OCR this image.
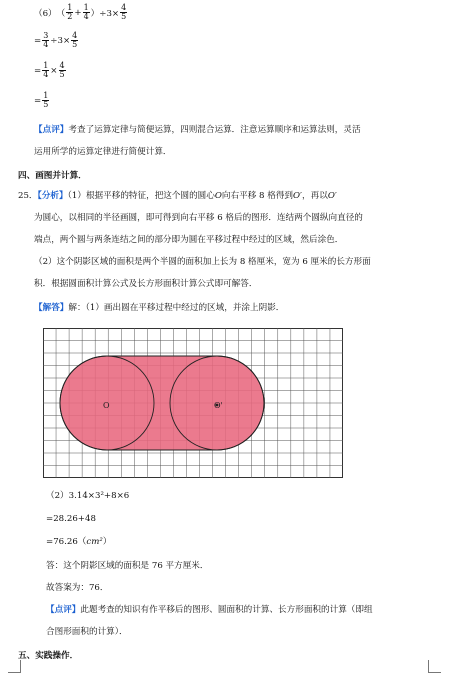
（6） （ $\frac{1}{2} + \frac{1}{4} )\div 3\times \frac{4}{5}$
= $\frac{3}{4} \div 3\times \frac{4}{5}$
= $\frac{1}{4} \times \frac{4}{5}$
= $\frac{1}{5}$
【点评】考查了运算定律与简便运算，四则混合运算．注意运算顺序和运算法则，灵活
运用所学的运算定律进行简便计算．
四、画图并计算．
25．【分析】（1）根据平移的特征，把这个圆的圆心O向右平移 8 格得到O′，再以O′
为圆心，以相同的半径画圆，即可得到向右平移 6 格后的图形．连结两个圆纵向直径的
端点，两个圆与两条连结之间的部分即为圆在平移过程中经过的区域，然后涂色．
（2）这个阴影区域的面积是两个半圆的面积加上长为 8 格厘米，宽为 6 厘米的长方形面
积．根据圆面积计算公式及长方形面积计算公式即可解答．
【解答】解：（1）画出圆在平移过程中经过的区域，并涂上阴影．
O	O'
（2）3.14×3²+8×6
=28.26+48
=76.26（cm²）
答：这个阴影区域的面积是 76 平方厘米．
故答案为：76．
【点评】此题考查的知识有作平移后的图形、圆面积的计算、长方形面积的计算（即组
合图形面积的计算）．
五、实践操作．
